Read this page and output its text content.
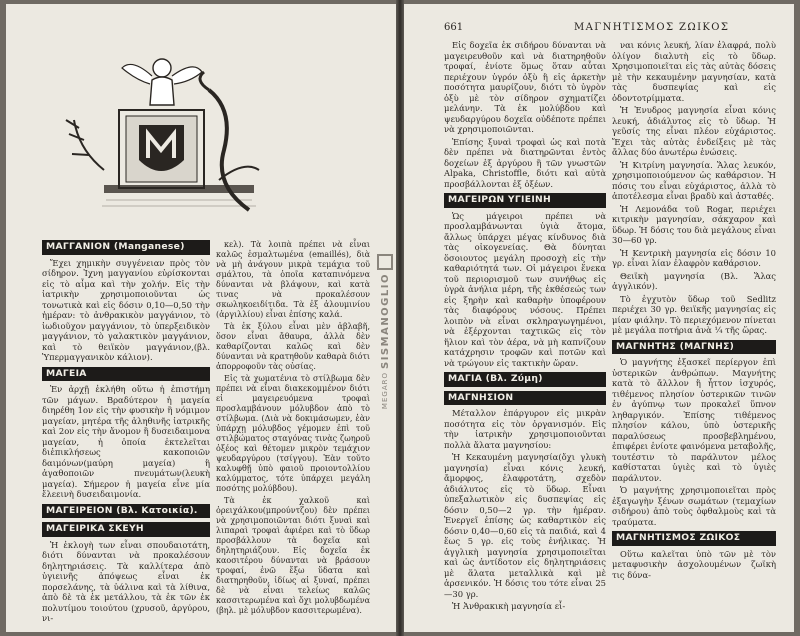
ΜΑΓΓΑΝΙΟΝ (Manganese)

Ἔχει χημικὴν συγγένειαν πρὸς τὸν σίδηρον. Ἰχνη μαγγανίου εὑρίσκονται εἰς τὸ αἷμα καὶ τὴν χολήν. Εἰς τὴν ἰατρικὴν χρησιμοποιοῦνται ὡς τονωτικὰ καὶ εἰς δόσιν 0,10—0,50 τὴν ἡμέραν: τὸ ἀνθρακικὸν μαγγάνιον, τὸ ἰωδιοῦχον μαγγάνιον, τὸ ὑπερξειδικὸν μαγγάνιον, τὸ γαλακτικὸν μαγγάνιον, καὶ τὸ θειϊκὸν μαγγάνιον,(βλ. Ὑπερμαγγανικὸν κάλιον).

ΜΑΓΕΙΑ

Ἐν ἀρχῇ ἐκλήθη οὕτω ἡ ἐπιστήμη τῶν μάγων. Βραδύτερον ἡ μαγεία διηρέθη 1ον εἰς τὴν φυσικὴν ἢ νόμιμον μαγείαν, μητέρα τῆς ἀληθινῆς ἰατρικῆς καὶ 2ον εἰς τὴν ἄνομον ἢ δυσειδαιμονα μαγείαν, ἡ ὁποία ἐκτελεῖται διἐπικλήσεως κακοποιῶν δαιμόνων(μαύρη μαγεία) ἢ ἀγαθοποιῶν πνευμάτων(λευκὴ μαγεία). Σήμερον ἡ μαγεία εἶνε μία ἔλεεινὴ δυσειδαιμονία.

ΜΑΓΕΙΡΕΙΟΝ (Βλ. Κατοικία).
ΜΑΓΕΙΡΙΚΑ ΣΚΕΥΗ

Ἡ ἐκλογὴ των εἶναι σπουδαιοτάτη, διότι δύνανται νὰ προκαλέσουν δηλητηριάσεις. Τὰ καλλίτερα ἀπὸ ὑγιεινῆς ἀπόψεως εἶναι ἐκ πορσελάνης, τὰ ὑάλινα καὶ τὰ λίθινα, ἀπὸ δὲ τὰ ἐκ μετάλλου, τὰ ἐκ τῶν ἐκ πολυτίμου τοιούτου (χρυσοῦ, ἀργύρου, νι-

κελ). Τὰ λοιπὰ πρέπει νὰ εἶναι καλῶς ἐσμαλτωμένα (emaillés), διὰ νὰ μὴ ἀνάγουν μικρὰ τεμάχια τοῦ σμάλτου, τὰ ὁποῖα καταπινόμενα δύνανται νὰ βλάψουν, καὶ κατὰ τινας νὰ προκαλέσουν σκωληκοειδίτιδα. Τὰ ἐξ ἀλουμινίου (ἀργιλλίου) εἶναι ἐπίσης καλά.

Τὰ ἐκ ξύλου εἶναι μὲν ἀβλαβῆ, ὅσον εἶναι ἄθαυρα, ἀλλὰ δὲν καθαρίζονται καλῶς καὶ δὲν δύνανται νὰ κρατηθοῦν καθαρὰ διότι ἀπορροφοῦν τὰς οὐσίας.

Εἰς τὰ χωματένια τὸ στίλβωμα δὲν πρέπει νὰ εἶναι διακεκομμένον διότι εἰ μαγειρευόμενα τροφαὶ προσλαμβάνουν μόλυβδον ἀπὸ τὸ στίλβωμα. (Διὰ νὰ δοκιμάσωμεν, ἐὰν ὑπάρχῃ μόλυβδος γέμομεν ἐπὶ τοῦ στιλβώματος σταγόνας τινὰς ζωηροῦ ὀξέος καὶ θέτομεν μικρὸν τεμάχιον ψευδαργύρου (τσίγγου). Ἐὰν τοῦτο καλυφθῇ ὑπὸ φαιοῦ προιοντολλίου καλύμματος, τότε ὑπάρχει μεγάλη ποσότης μολύβδου).

Τὰ ἐκ χαλκοῦ καὶ ὀρειχάλκου(μπρούντζου) δὲν πρέπει νὰ χρησιμοποιῶνται διότι ξυναὶ καὶ λιπαραὶ τροφαὶ ἀφιέρει καὶ τὸ ὕδωρ προσβάλλουν τὰ δοχεῖα καὶ δηλητηριάζουν. Εἰς δοχεῖα ἐκ καοσιτέρου δύνανται νὰ βράσουν τροφαί, ἐνῶ ἔξω ὕδατα καὶ διατηρηθοῦν, ἰδίως αἱ ξυναί, πρέπει δὲ νὰ εἶναι τελείως καλῶς κασσιτερωμένα καὶ ὄχι μολυβδωμένα (βηλ. μὲ μόλυβδον κασσιτερωμένα).

SISMANOGLIO
MEGARO
661	ΜΑΓΝΗΤΙΣΜΟΣ ΖΩΙΚΟΣ

Εἰς δοχεῖα ἐκ σιδήρου δύνανται νὰ μαγειρευθοῦν καὶ νὰ διατηρηθοῦν τροφαί, ἐνίοτε ὅμως ὅταν αὗται περιέχουν ὑγρόν ὀξὺ ἢ εἰς ἀρκετὴν ποσότητα μαυρίζουν, διότι τὸ ὑγρὸν ὀξὺ μὲ τὸν σίδηρον σχηματίζει μελάνην. Τὰ ἐκ μολύβδου καὶ ψευδαργύρου δοχεῖα οὐδέποτε πρέπει νὰ χρησιμοποιῶνται.

Ἐπίσης ξυναὶ τροφαὶ ὡς καὶ ποτὰ δὲν πρέπει νὰ διατηρῶνται ἐντὸς δοχείων ἐξ ἀργύρου ἢ τῶν γνωστῶν Alpaka, Christoffle, διότι καὶ αὐτὰ προσβάλλονται ἐξ ὀξέων.

ΜΑΓΕΙΡΩΝ ΥΓΙΕΙΝΗ

Ὡς μάγειροι πρέπει νὰ προσλαμβάνωνται ὑγιὰ ἄτομα, ἄλλως ὑπάρχει μέγας κίνδυνος διὰ τὰς οἰκογενείας. Θὰ δύνηται ὅσοιουτος μεγάλη προσοχὴ εἰς τὴν καθαριότητά των. Οἱ μάγειροι ἕνεκα τοῦ περιορισμοῦ των συνήθως εἰς ὑγρὰ ἀνήλια μέρη, τῆς ἐκθέσεώς των εἰς ξηρὴν καὶ καθαρὴν ὑποφέρουν τὰς διαφόρους νόσους. Πρέπει λοιπὸν νὰ εἶναι σκληραγωγημένοι, νὰ ἐξέρχονται ταχτικῶς εἰς τὸν ἥλιον καὶ τὸν ἀέρα, νὰ μὴ καπνίζουν κατάχρησιν τροφῶν καὶ ποτῶν καὶ νὰ τρώγουν εἰς τακτικὴν ὥραν.

ΜΑΓΙΑ (Βλ. Ζύμη)
ΜΑΓΝΗΣΙΟΝ

Μέταλλον ἐπάργυρον εἰς μικρὰν ποσότητα εἰς τὸν ὀργανισμόν. Εἰς τὴν ἰατρικὴν χρησιμοποιοῦνται πολλὰ ἅλατα μαγνησίου:

Ἡ Κεκαυμένη μαγνησία(ὄχι γλυκὴ μαγνησία) εἶναι κόνις λευκή, ἄμορφος, ἐλαφροτάτη, σχεδὸν ἀδιάλυτος εἰς τὸ ὕδωρ. Εἶναι ὑπεξαλωτικὸν εἰς δυσπεψίας εἰς δόσιν 0,50—2 γρ. τὴν ἡμέραν. Ἐνεργεῖ ἐπίσης ὡς καθαρτικὸν εἰς δόσιν 0,40—0,60 εἰς τὰ παιδιά, καὶ 4 ἕως 5 γρ. εἰς τοὺς ἐνήλικας. Ἡ ἀγγλικὴ μαγνησία χρησιμοποιεῖται καὶ ὡς ἀντίδοτον εἰς δηλητηριάσεις μὲ ἅλατα μεταλλικὰ καὶ μὲ ἀρσενικόν. Ἡ δόσις του τότε εἶναι 25—30 γρ.

Ἡ Ἀνθρακικὴ μαγνησία εἶ-

ναι κόνις λευκή, λίαν ἐλαφρά, πολὺ ὀλίγον διαλυτὴ εἰς τὸ ὕδωρ. Χρησιμοποιεῖται εἰς τὰς αὐτὰς δόσεις μὲ τὴν κεκαυμένην μαγνησίαν, κατὰ τὰς δυσπεψίας καὶ εἰς ὀδοντοτρίμματα.

Ἡ Ἐνυδρος μαγνησία εἶναι κόνις λευκή, ἀδιάλυτος εἰς τὸ ὕδωρ. Ἡ γεῦσίς της εἶναι πλέον εὐχάριστος. Ἔχει τὰς αὐτὰς ἐνδείξεις μὲ τὰς ἄλλας δύο ἀνωτέρω ἑνώσεις.

Ἡ Κιτρίνη μαγνησία. Ἅλας λευκόν, χρησιμοποιούμενον ὡς καθάρσιον. Ἡ πόσις του εἶναι εὐχάριστος, ἀλλὰ τὸ ἀποτέλεσμα εἶναι βραδὺ καὶ ἀσταθές.

Ἡ Λεμονάδα τοῦ Rogar, περιέχει κιτρικὴν μαγνησίαν, σάκχαρον καὶ ὕδωρ. Ἡ δόσις του διὰ μεγάλους εἶναι 30—60 γρ.

Ἡ Κεντρικὴ μαγνησία εἰς δόσιν 10 γρ. εἶναι λίαν ἐλαφρὸν καθάρσιον.

Θειϊκὴ μαγνησία (Βλ. Ἅλας ἀγγλικόν).

Τὸ ἐγχυτὸν ὕδωρ τοῦ Sedlitz περιέχει 30 γρ. θειϊκῆς μαγνησίας εἰς μίαν φιάλην. Τὸ περιεχόμενον πίνεται μὲ μεγάλα ποτήρια ἀνὰ ¼ τῆς ὥρας.

ΜΑΓΝΗΤΗΣ (ΜΑΓΝΗΣ)

Ὁ μαγνήτης ἐξασκεῖ περίεργον ἐπὶ ὑστερικῶν ἀνθρώπων. Μαγνήτης κατὰ τὸ ἄλλλον ἢ ἧττον ἰσχυρός, τιθέμενος πλησίον ὑστερικῶν τινῶν ἐν ἀγύπνῳ των προκαλεῖ ὕπνον ληθαργικόν. Ἐπίσης τιθέμενος πλησίον κάλου, ὑπὸ ὑστερικῆς παραλύσεως προσβεβλημένου, ἐπιφέρει ἐνίοτε φαινόμενα μεταβολῆς, τουτέστιν τὸ παράλυτον μέλος καθίσταται ὑγιὲς καὶ τὸ ὑγιὲς παράλυτον.

Ὁ μαγνήτης χρησιμοποιεῖται πρὸς ἐξαγωγὴν ξένων σωμάτων (τεμαχίων σιδήρου) ἀπὸ τοὺς ὀφθαλμοὺς καὶ τὰ τραύματα.

ΜΑΓΝΗΤΙΣΜΟΣ ΖΩΙΚΟΣ

Οὕτω καλεῖται ὑπὸ τῶν μὲ τὸν μεταφυσικὴν ἀσχολουμένων ζωϊκὴ τις δύνα-
